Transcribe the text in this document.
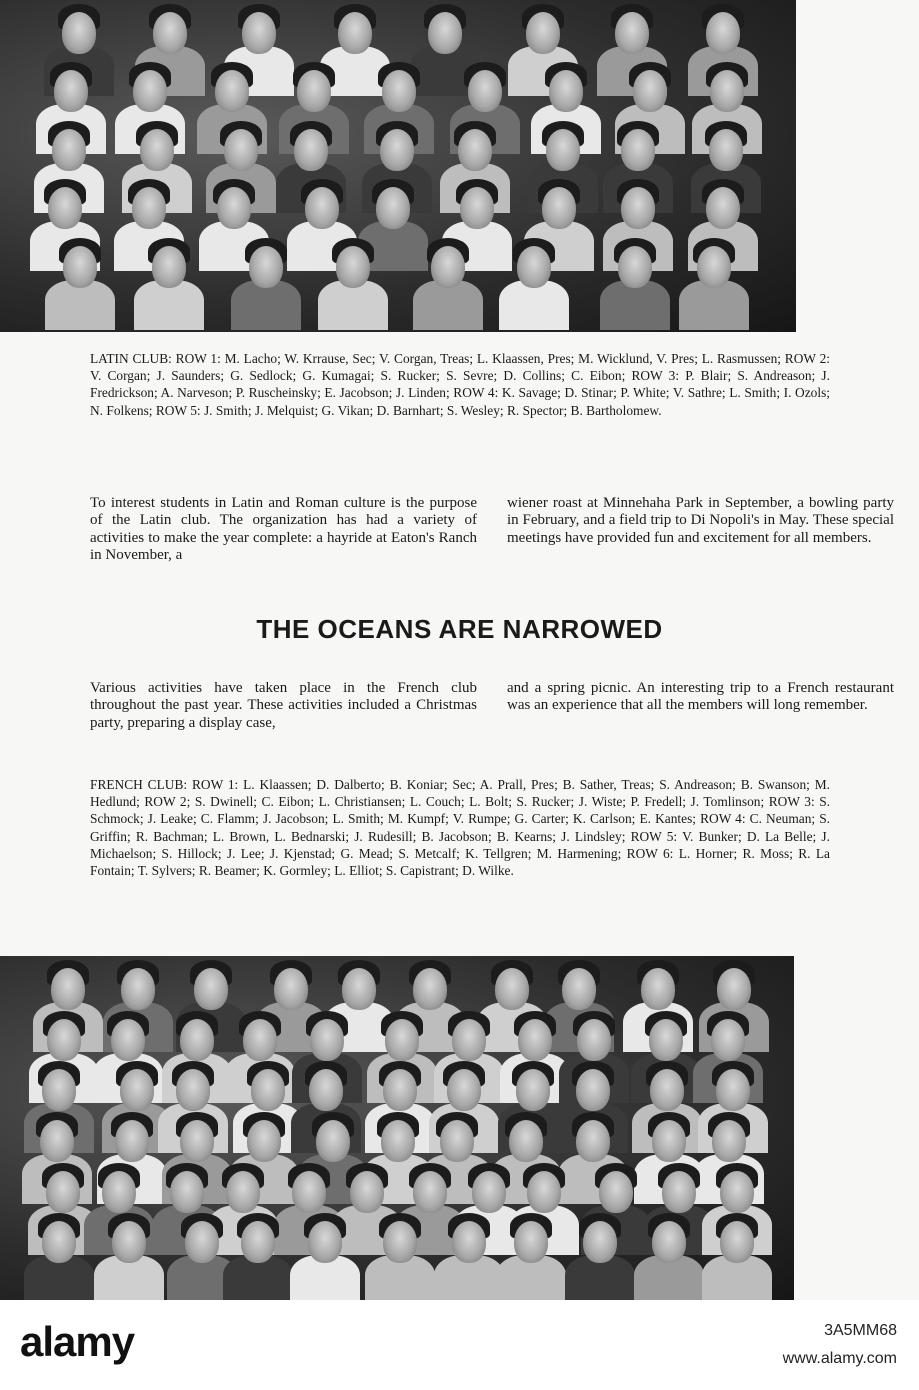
LATIN CLUB: ROW 1: M. Lacho; W. Krrause, Sec; V. Corgan, Treas; L. Klaassen, Pres; M. Wicklund, V. Pres; L. Rasmussen; ROW 2: V. Corgan; J. Saunders; G. Sedlock; G. Kumagai; S. Rucker; S. Sevre; D. Collins; C. Eibon; ROW 3: P. Blair; S. Andreason; J. Fredrickson; A. Narveson; P. Ruscheinsky; E. Jacobson; J. Linden; ROW 4: K. Savage; D. Stinar; P. White; V. Sathre; L. Smith; I. Ozols; N. Folkens; ROW 5: J. Smith; J. Melquist; G. Vikan; D. Barnhart; S. Wesley; R. Spector; B. Bartholomew.

To interest students in Latin and Roman culture is the purpose of the Latin club. The organization has had a variety of activities to make the year complete: a hayride at Eaton's Ranch in November, a

wiener roast at Minnehaha Park in September, a bowling party in February, and a field trip to Di Nopoli's in May. These special meetings have provided fun and excitement for all members.

THE OCEANS ARE NARROWED

Various activities have taken place in the French club throughout the past year. These activities included a Christmas party, preparing a display case,

and a spring picnic. An interesting trip to a French restaurant was an experience that all the members will long remember.

FRENCH CLUB: ROW 1: L. Klaassen; D. Dalberto; B. Koniar; Sec; A. Prall, Pres; B. Sather, Treas; S. Andreason; B. Swanson; M. Hedlund; ROW 2; S. Dwinell; C. Eibon; L. Christiansen; L. Couch; L. Bolt; S. Rucker; J. Wiste; P. Fredell; J. Tomlinson; ROW 3: S. Schmock; J. Leake; C. Flamm; J. Jacobson; L. Smith; M. Kumpf; V. Rumpe; G. Carter; K. Carlson; E. Kantes; ROW 4: C. Neuman; S. Griffin; R. Bachman; L. Brown, L. Bednarski; J. Rudesill; B. Jacobson; B. Kearns; J. Lindsley; ROW 5: V. Bunker; D. La Belle; J. Michaelson; S. Hillock; J. Lee; J. Kjenstad; G. Mead; S. Metcalf; K. Tellgren; M. Harmening; ROW 6: L. Horner; R. Moss; R. La Fontain; T. Sylvers; R. Beamer; K. Gormley; L. Elliot; S. Capistrant; D. Wilke.

alamy	3A5MM68
www.alamy.com
